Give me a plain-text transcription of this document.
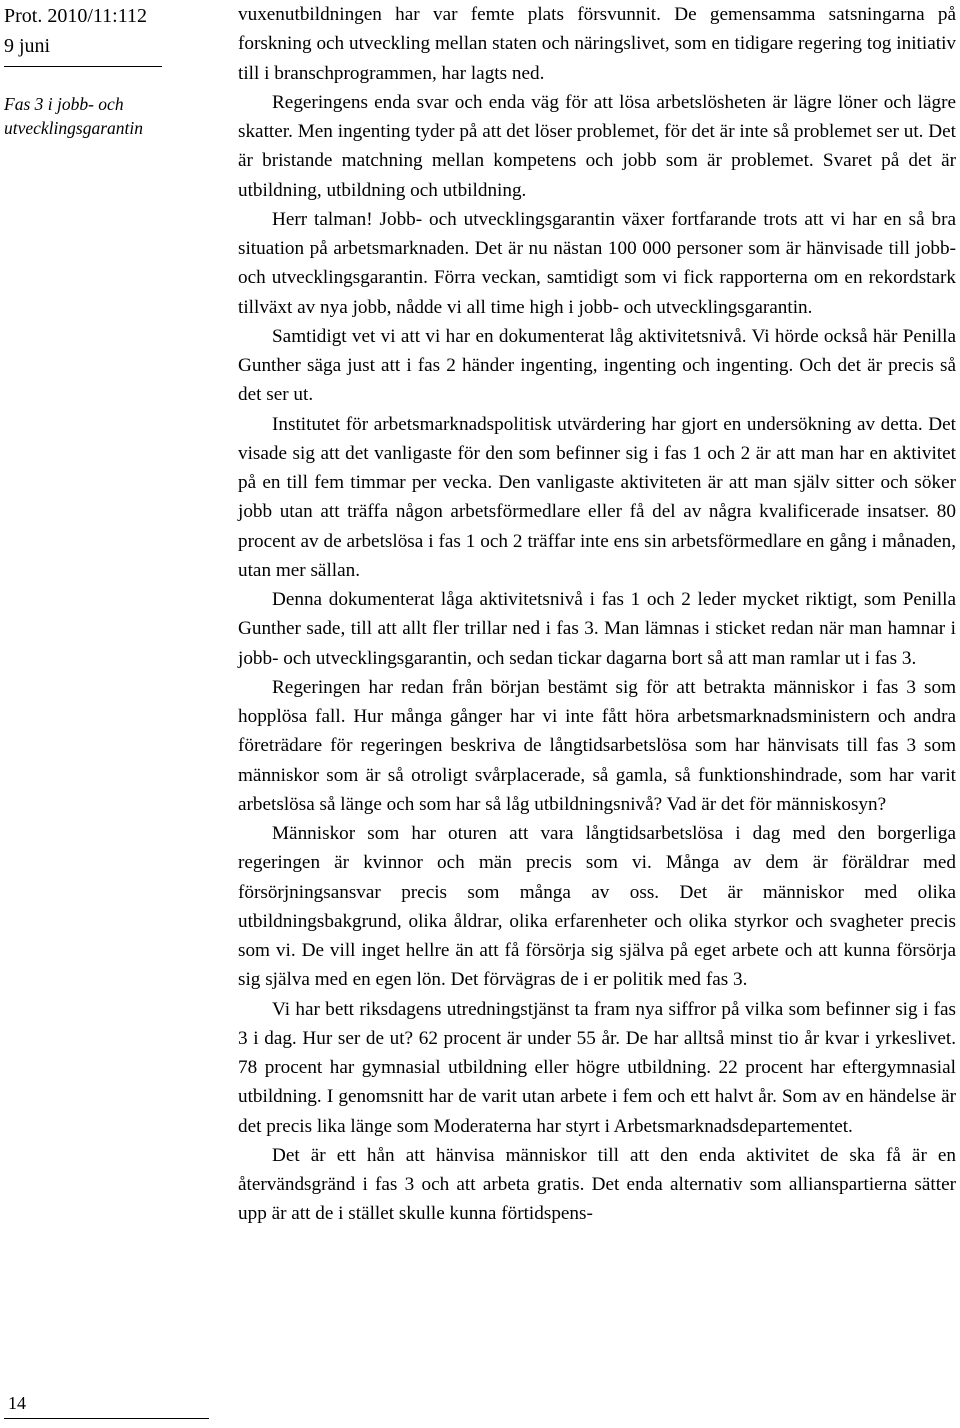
Prot. 2010/11:112
9 juni
Fas 3 i jobb- och utvecklingsgarantin
14

vuxenutbildningen har var femte plats försvunnit. De gemensamma satsningarna på forskning och utveckling mellan staten och näringslivet, som en tidigare regering tog initiativ till i branschprogrammen, har lagts ned.

Regeringens enda svar och enda väg för att lösa arbetslösheten är lägre löner och lägre skatter. Men ingenting tyder på att det löser problemet, för det är inte så problemet ser ut. Det är bristande matchning mellan kompetens och jobb som är problemet. Svaret på det är utbildning, utbildning och utbildning.

Herr talman! Jobb- och utvecklingsgarantin växer fortfarande trots att vi har en så bra situation på arbetsmarknaden. Det är nu nästan 100 000 personer som är hänvisade till jobb- och utvecklingsgarantin. Förra veckan, samtidigt som vi fick rapporterna om en rekordstark tillväxt av nya jobb, nådde vi all time high i jobb- och utvecklingsgarantin.

Samtidigt vet vi att vi har en dokumenterat låg aktivitetsnivå. Vi hörde också här Penilla Gunther säga just att i fas 2 händer ingenting, ingenting och ingenting. Och det är precis så det ser ut.

Institutet för arbetsmarknadspolitisk utvärdering har gjort en undersökning av detta. Det visade sig att det vanligaste för den som befinner sig i fas 1 och 2 är att man har en aktivitet på en till fem timmar per vecka. Den vanligaste aktiviteten är att man själv sitter och söker jobb utan att träffa någon arbetsförmedlare eller få del av några kvalificerade insatser. 80 procent av de arbetslösa i fas 1 och 2 träffar inte ens sin arbetsförmedlare en gång i månaden, utan mer sällan.

Denna dokumenterat låga aktivitetsnivå i fas 1 och 2 leder mycket riktigt, som Penilla Gunther sade, till att allt fler trillar ned i fas 3. Man lämnas i sticket redan när man hamnar i jobb- och utvecklingsgarantin, och sedan tickar dagarna bort så att man ramlar ut i fas 3.

Regeringen har redan från början bestämt sig för att betrakta människor i fas 3 som hopplösa fall. Hur många gånger har vi inte fått höra arbetsmarknadsministern och andra företrädare för regeringen beskriva de långtidsarbetslösa som har hänvisats till fas 3 som människor som är så otroligt svårplacerade, så gamla, så funktionshindrade, som har varit arbetslösa så länge och som har så låg utbildningsnivå? Vad är det för människosyn?

Människor som har oturen att vara långtidsarbetslösa i dag med den borgerliga regeringen är kvinnor och män precis som vi. Många av dem är föräldrar med försörjningsansvar precis som många av oss. Det är människor med olika utbildningsbakgrund, olika åldrar, olika erfarenheter och olika styrkor och svagheter precis som vi. De vill inget hellre än att få försörja sig själva på eget arbete och att kunna försörja sig själva med en egen lön. Det förvägras de i er politik med fas 3.

Vi har bett riksdagens utredningstjänst ta fram nya siffror på vilka som befinner sig i fas 3 i dag. Hur ser de ut? 62 procent är under 55 år. De har alltså minst tio år kvar i yrkeslivet. 78 procent har gymnasial utbildning eller högre utbildning. 22 procent har eftergymnasial utbildning. I genomsnitt har de varit utan arbete i fem och ett halvt år. Som av en händelse är det precis lika länge som Moderaterna har styrt i Arbetsmarknadsdepartementet.

Det är ett hån att hänvisa människor till att den enda aktivitet de ska få är en återvändsgränd i fas 3 och att arbeta gratis. Det enda alternativ som allianspartierna sätter upp är att de i stället skulle kunna förtidspens-
